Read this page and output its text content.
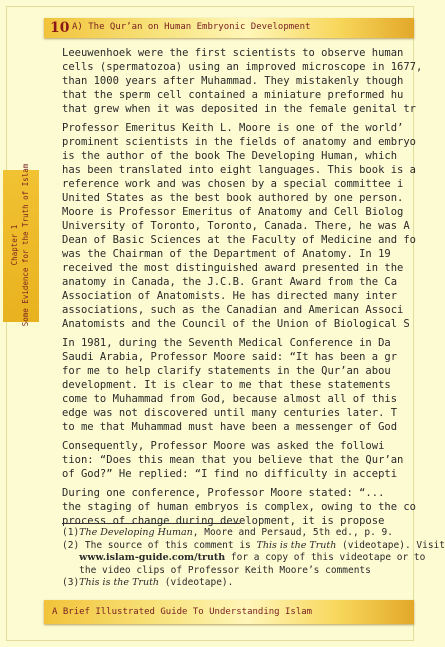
10 A) The Qur’an on Human Embryonic Development
Chapter 1 Some Evidence for the Truth of Islam

Leeuwenhoek were the first scientists to observe human

cells (spermatozoa) using an improved microscope in 1677,

than 1000 years after Muhammad. They mistakenly though

that the sperm cell contained a miniature preformed hu

that grew when it was deposited in the female genital tr

Professor Emeritus Keith L. Moore is one of the world’

prominent scientists in the fields of anatomy and embryo

is the author of the book The Developing Human, which

has been translated into eight languages. This book is a

reference work and was chosen by a special committee i

United States as the best book authored by one person.

Moore is Professor Emeritus of Anatomy and Cell Biolog

University of Toronto, Toronto, Canada. There, he was A

Dean of Basic Sciences at the Faculty of Medicine and fo

was the Chairman of the Department of Anatomy. In 19

received the most distinguished award presented in the

anatomy in Canada, the J.C.B. Grant Award from the Ca

Association of Anatomists. He has directed many inter

associations, such as the Canadian and American Associ

Anatomists and the Council of the Union of Biological S

In 1981, during the Seventh Medical Conference in Da

Saudi Arabia, Professor Moore said: “It has been a gr

for me to help clarify statements in the Qur’an abou

development. It is clear to me that these statements

come to Muhammad from God, because almost all of this

edge was not discovered until many centuries later. T

to me that Muhammad must have been a messenger of God

Consequently, Professor Moore was asked the followi

tion: “Does this mean that you believe that the Qur’an

of God?” He replied: “I find no difficulty in accepti

During one conference, Professor Moore stated: “...

the staging of human embryos is complex, owing to the co

process of change during development, it is propose

(1)The Developing Human, Moore and Persaud, 5th ed., p. 9.

(2) The source of this comment is This is the Truth (videotape). Visit

www.islam-guide.com/truth for a copy of this videotape or to

the video clips of Professor Keith Moore’s comments

(3)This is the Truth (videotape).

A Brief Illustrated Guide To Understanding Islam
